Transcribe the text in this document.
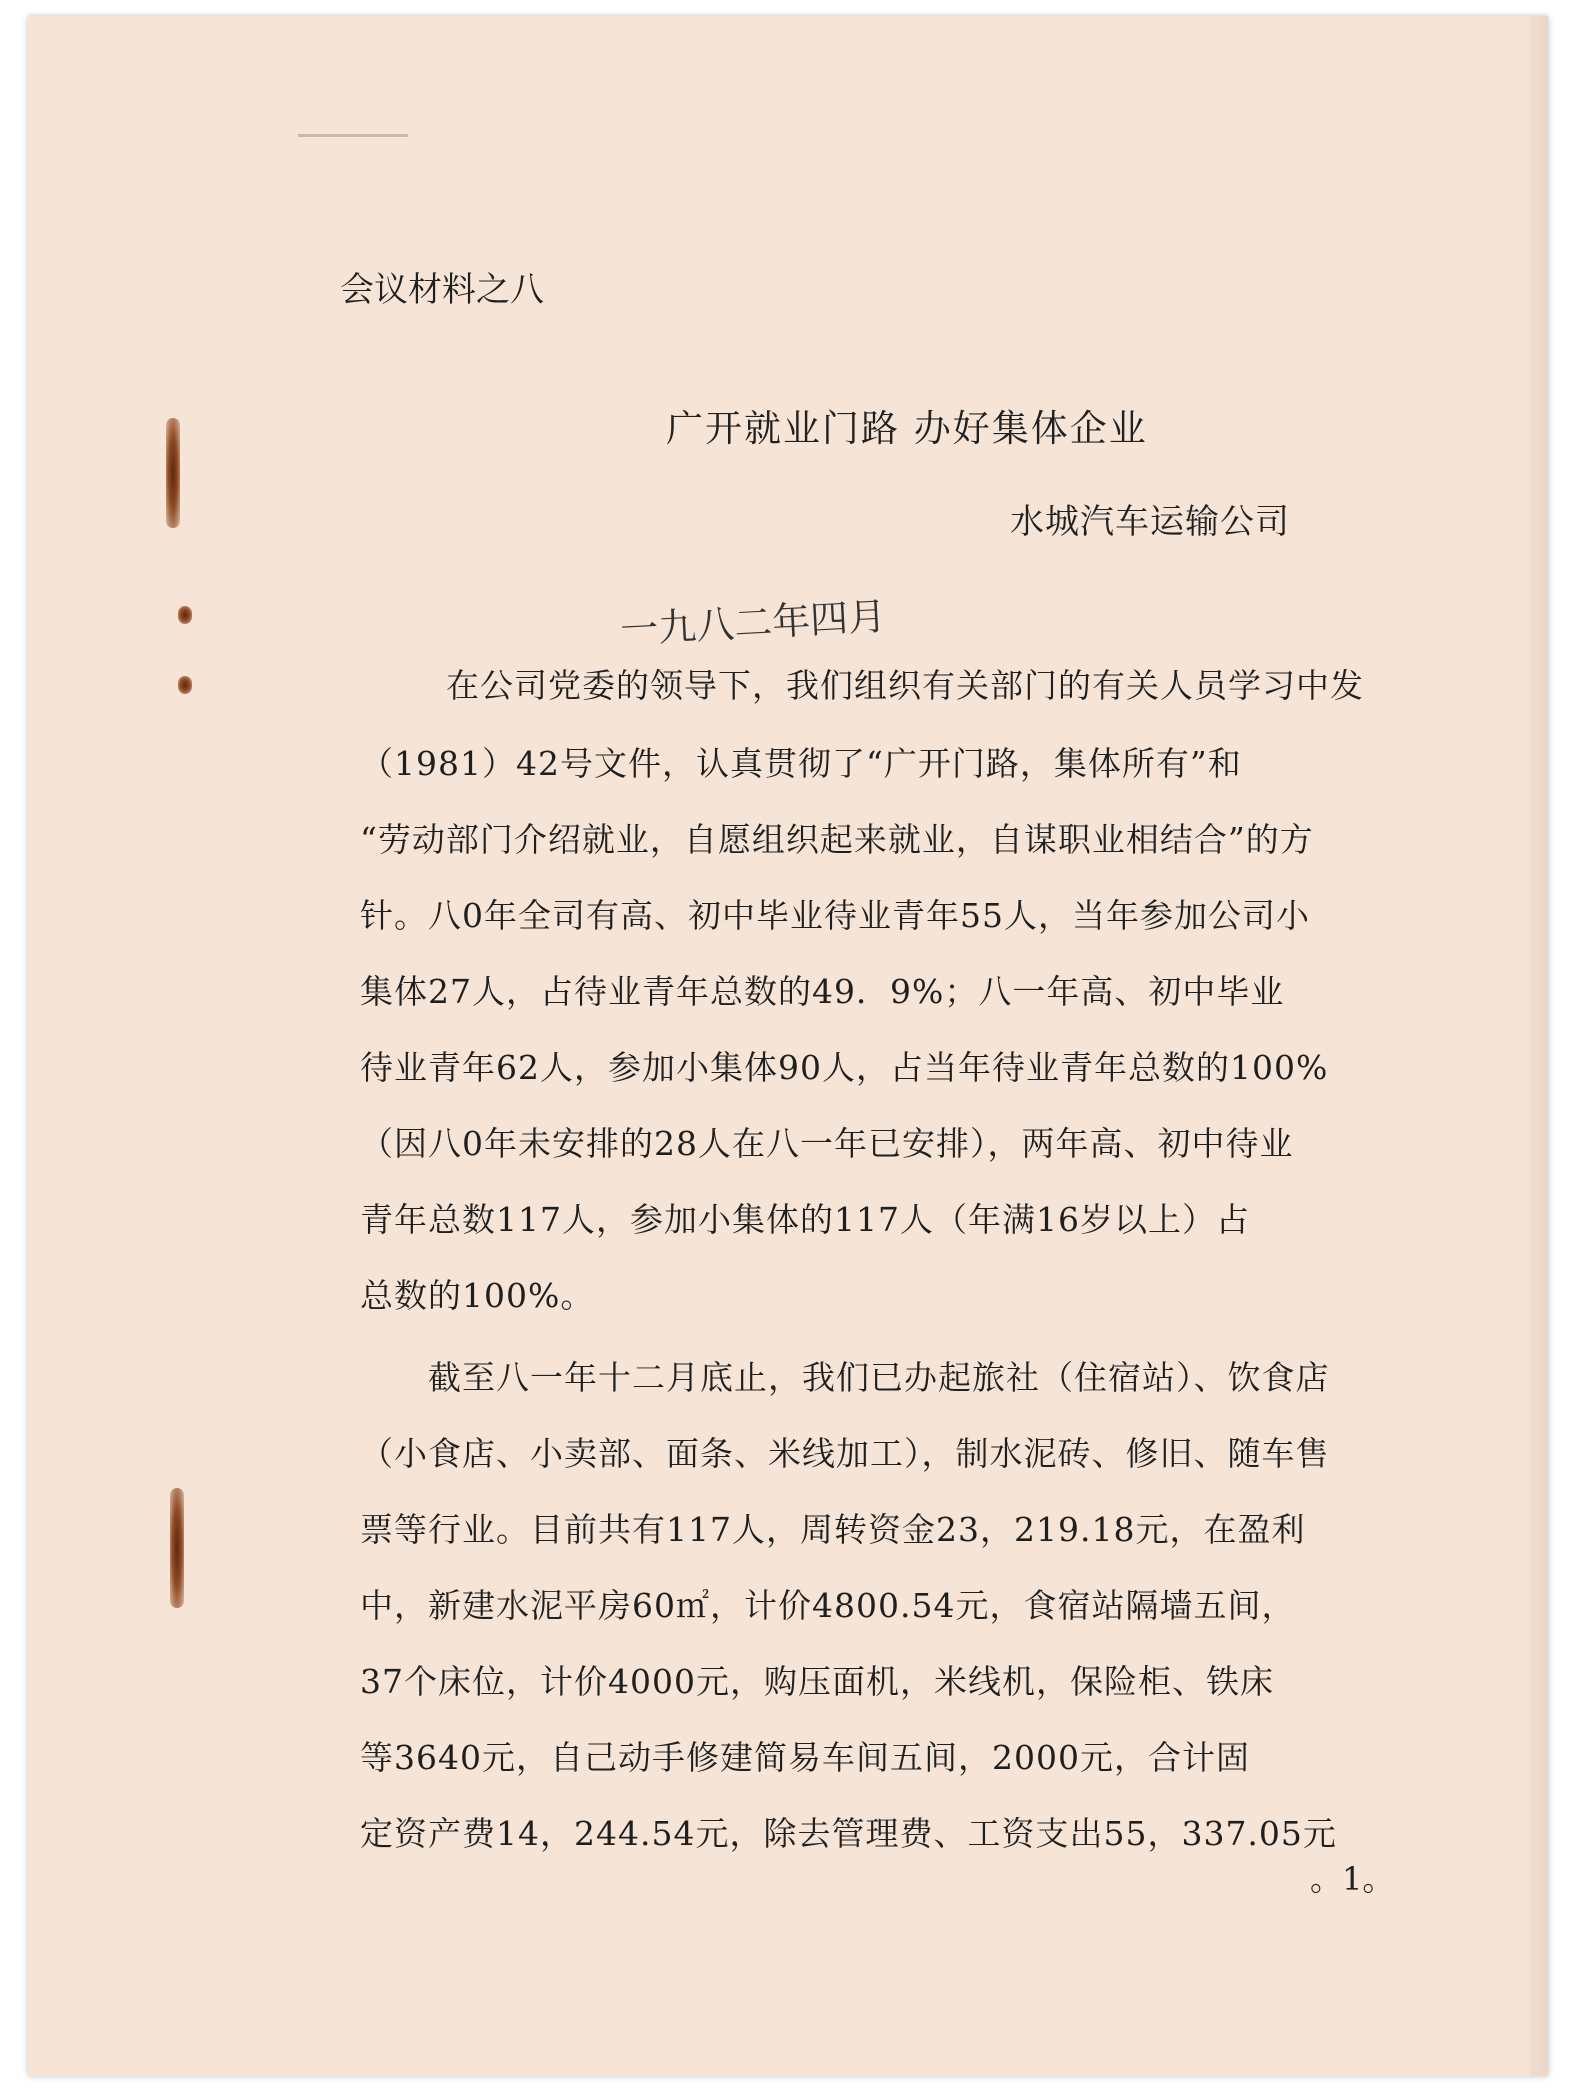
会议材料之八
广开就业门路 办好集体企业
水城汽车运输公司
一九八二年四月
在公司党委的领导下，我们组织有关部门的有关人员学习中发
（1981）42号文件，认真贯彻了“广开门路，集体所有”和
“劳动部门介绍就业，自愿组织起来就业，自谋职业相结合”的方
针。八0年全司有高、初中毕业待业青年55人，当年参加公司小
集体27人，占待业青年总数的49．9%；八一年高、初中毕业
待业青年62人，参加小集体90人，占当年待业青年总数的100%
（因八0年未安排的28人在八一年已安排），两年高、初中待业
青年总数117人，参加小集体的117人（年满16岁以上）占
总数的100%。
截至八一年十二月底止，我们已办起旅社（住宿站）、饮食店
（小食店、小卖部、面条、米线加工），制水泥砖、修旧、随车售
票等行业。目前共有117人，周转资金23，219.18元，在盈利
中，新建水泥平房60㎡，计价4800.54元，食宿站隔墙五间，
37个床位，计价4000元，购压面机，米线机，保险柜、铁床
等3640元，自己动手修建简易车间五间，2000元，合计固
定资产费14，244.54元，除去管理费、工资支出55，337.05元
。1。
